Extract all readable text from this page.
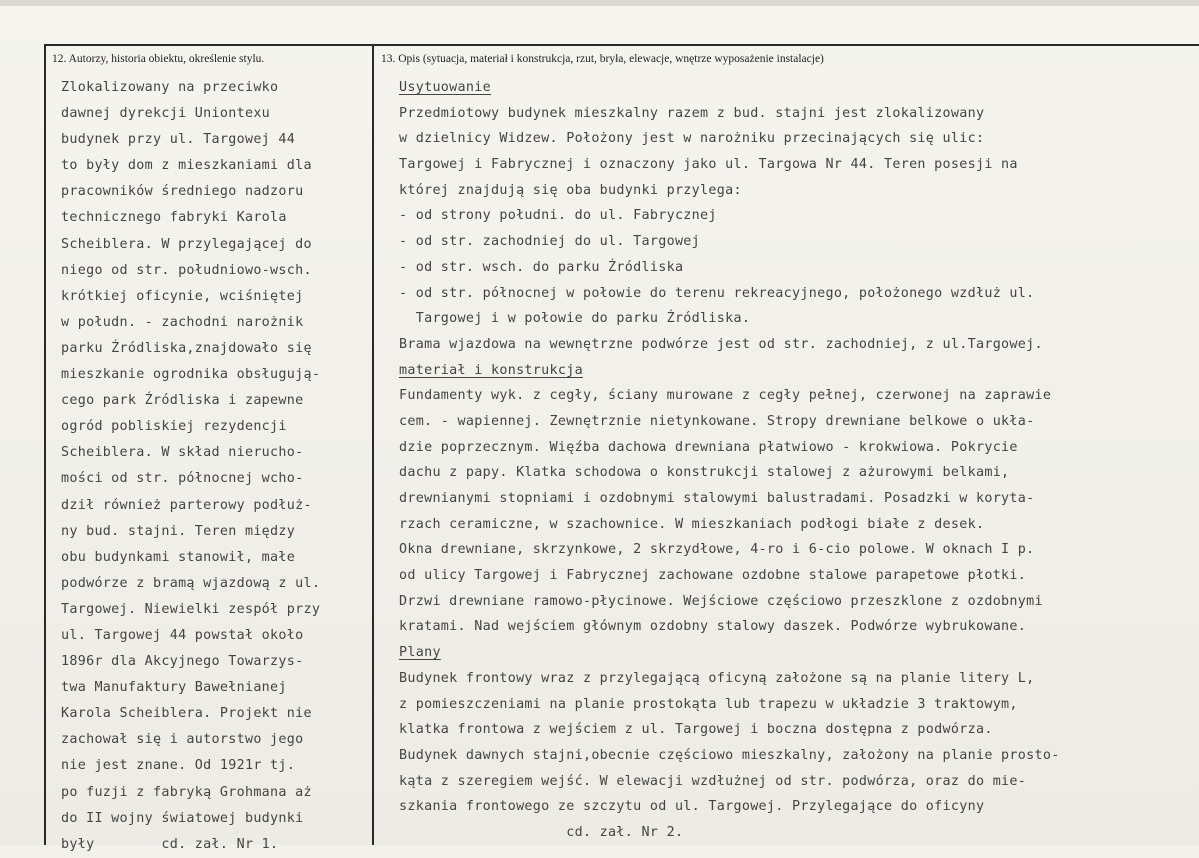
12. Autorzy, historia obiektu, określenie stylu.	13. Opis (sytuacja, materiał i konstrukcja, rzut, bryła, elewacje, wnętrze wyposażenie instalacje)
Zlokalizowany na przeciwko
dawnej dyrekcji Uniontexu
budynek przy ul. Targowej 44
to były dom z mieszkaniami dla
pracowników średniego nadzoru
technicznego fabryki Karola
Scheiblera. W przylegającej do
niego od str. południowo-wsch.
krótkiej oficynie, wciśniętej
w połudn. - zachodni narożnik
parku Źródliska,znajdowało się
mieszkanie ogrodnika obsługują-
cego park Źródliska i zapewne
ogród pobliskiej rezydencji
Scheiblera. W skład nierucho-
mości od str. północnej wcho-
dził również parterowy podłuż-
ny bud. stajni. Teren między
obu budynkami stanowił, małe
podwórze z bramą wjazdową z ul.
Targowej. Niewielki zespół przy
ul. Targowej 44 powstał około
1896r dla Akcyjnego Towarzys-
twa Manufaktury Bawełnianej
Karola Scheiblera. Projekt nie
zachował się i autorstwo jego
nie jest znane. Od 1921r tj.
po fuzji z fabryką Grohmana aż
do II wojny światowej budynki
były        cd. zał. Nr 1.
Usytuowanie
Przedmiotowy budynek mieszkalny razem z bud. stajni jest zlokalizowany
w dzielnicy Widzew. Położony jest w narożniku przecinających się ulic:
Targowej i Fabrycznej i oznaczony jako ul. Targowa Nr 44. Teren posesji na
której znajdują się oba budynki przylega:
- od strony południ. do ul. Fabrycznej
- od str. zachodniej do ul. Targowej
- od str. wsch. do parku Źródliska
- od str. północnej w połowie do terenu rekreacyjnego, położonego wzdłuż ul.
Targowej i w połowie do parku Źródliska.
Brama wjazdowa na wewnętrzne podwórze jest od str. zachodniej, z ul.Targowej.
materiał i konstrukcja
Fundamenty wyk. z cegły, ściany murowane z cegły pełnej, czerwonej na zaprawie
cem. - wapiennej. Zewnętrznie nietynkowane. Stropy drewniane belkowe o ukła-
dzie poprzecznym. Więźba dachowa drewniana płatwiowo - krokwiowa. Pokrycie
dachu z papy. Klatka schodowa o konstrukcji stalowej z ażurowymi belkami,
drewnianymi stopniami i ozdobnymi stalowymi balustradami. Posadzki w koryta-
rzach ceramiczne, w szachownice. W mieszkaniach podłogi białe z desek.
Okna drewniane, skrzynkowe, 2 skrzydłowe, 4-ro i 6-cio polowe. W oknach I p.
od ulicy Targowej i Fabrycznej zachowane ozdobne stalowe parapetowe płotki.
Drzwi drewniane ramowo-płycinowe. Wejściowe częściowo przeszklone z ozdobnymi
kratami. Nad wejściem głównym ozdobny stalowy daszek. Podwórze wybrukowane.
Plany
Budynek frontowy wraz z przylegającą oficyną założone są na planie litery L,
z pomieszczeniami na planie prostokąta lub trapezu w układzie 3 traktowym,
klatka frontowa z wejściem z ul. Targowej i boczna dostępna z podwórza.
Budynek dawnych stajni,obecnie częściowo mieszkalny, założony na planie prosto-
kąta z szeregiem wejść. W elewacji wzdłużnej od str. podwórza, oraz do mie-
szkania frontowego ze szczytu od ul. Targowej. Przylegające do oficyny
cd. zał. Nr 2.
